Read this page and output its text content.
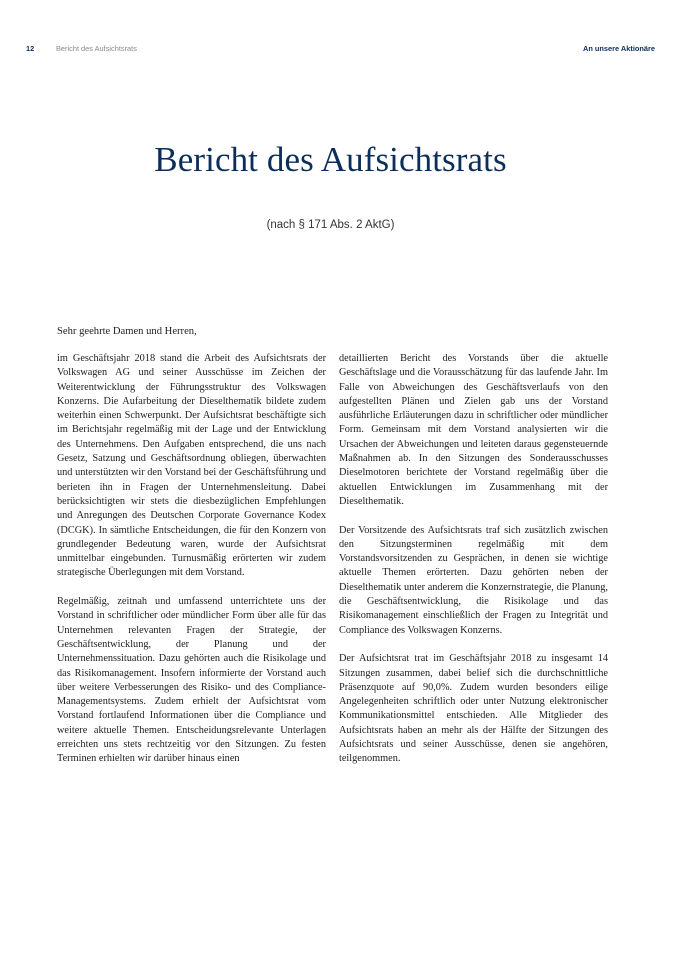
12	Bericht des Aufsichtsrats	An unsere Aktionäre
Bericht des Aufsichtsrats
(nach § 171 Abs. 2 AktG)
Sehr geehrte Damen und Herren,

im Geschäftsjahr 2018 stand die Arbeit des Aufsichtsrats der Volkswagen AG und seiner Ausschüsse im Zeichen der Weiterentwicklung der Führungsstruktur des Volkswagen Konzerns. Die Aufarbeitung der Dieselthematik bildete zudem weiterhin einen Schwerpunkt. Der Aufsichtsrat beschäftigte sich im Berichtsjahr regelmäßig mit der Lage und der Entwicklung des Unternehmens. Den Aufgaben entsprechend, die uns nach Gesetz, Satzung und Geschäftsordnung obliegen, überwachten und unterstützten wir den Vorstand bei der Geschäftsführung und berieten ihn in Fragen der Unternehmensleitung. Dabei berücksichtigten wir stets die diesbezüglichen Empfehlungen und Anregungen des Deutschen Corporate Governance Kodex (DCGK). In sämtliche Entscheidungen, die für den Konzern von grundlegender Bedeutung waren, wurde der Aufsichtsrat unmittelbar eingebunden. Turnusmäßig erörterten wir zudem strategische Überlegungen mit dem Vorstand.

Regelmäßig, zeitnah und umfassend unterrichtete uns der Vorstand in schriftlicher oder mündlicher Form über alle für das Unternehmen relevanten Fragen der Strategie, der Geschäftsentwicklung, der Planung und der Unternehmenssituation. Dazu gehörten auch die Risikolage und das Risikomanagement. Insofern informierte der Vorstand auch über weitere Verbesserungen des Risiko- und des Compliance-Managementsystems. Zudem erhielt der Aufsichtsrat vom Vorstand fortlaufend Informationen über die Compliance und weitere aktuelle Themen. Entscheidungsrelevante Unterlagen erreichten uns stets rechtzeitig vor den Sitzungen. Zu festen Terminen erhielten wir darüber hinaus einen

detaillierten Bericht des Vorstands über die aktuelle Geschäftslage und die Vorausschätzung für das laufende Jahr. Im Falle von Abweichungen des Geschäftsverlaufs von den aufgestellten Plänen und Zielen gab uns der Vorstand ausführliche Erläuterungen dazu in schriftlicher oder mündlicher Form. Gemeinsam mit dem Vorstand analysierten wir die Ursachen der Abweichungen und leiteten daraus gegensteuernde Maßnahmen ab. In den Sitzungen des Sonderausschusses Dieselmotoren berichtete der Vorstand regelmäßig über die aktuellen Entwicklungen im Zusammenhang mit der Dieselthematik.

Der Vorsitzende des Aufsichtsrats traf sich zusätzlich zwischen den Sitzungsterminen regelmäßig mit dem Vorstandsvorsitzenden zu Gesprächen, in denen sie wichtige aktuelle Themen erörterten. Dazu gehörten neben der Dieselthematik unter anderem die Konzernstrategie, die Planung, die Geschäftsentwicklung, die Risikolage und das Risikomanagement einschließlich der Fragen zu Integrität und Compliance des Volkswagen Konzerns.

Der Aufsichtsrat trat im Geschäftsjahr 2018 zu insgesamt 14 Sitzungen zusammen, dabei belief sich die durchschnittliche Präsenzquote auf 90,0%. Zudem wurden besonders eilige Angelegenheiten schriftlich oder unter Nutzung elektronischer Kommunikationsmittel entschieden. Alle Mitglieder des Aufsichtsrats haben an mehr als der Hälfte der Sitzungen des Aufsichtsrats und seiner Ausschüsse, denen sie angehören, teilgenommen.
